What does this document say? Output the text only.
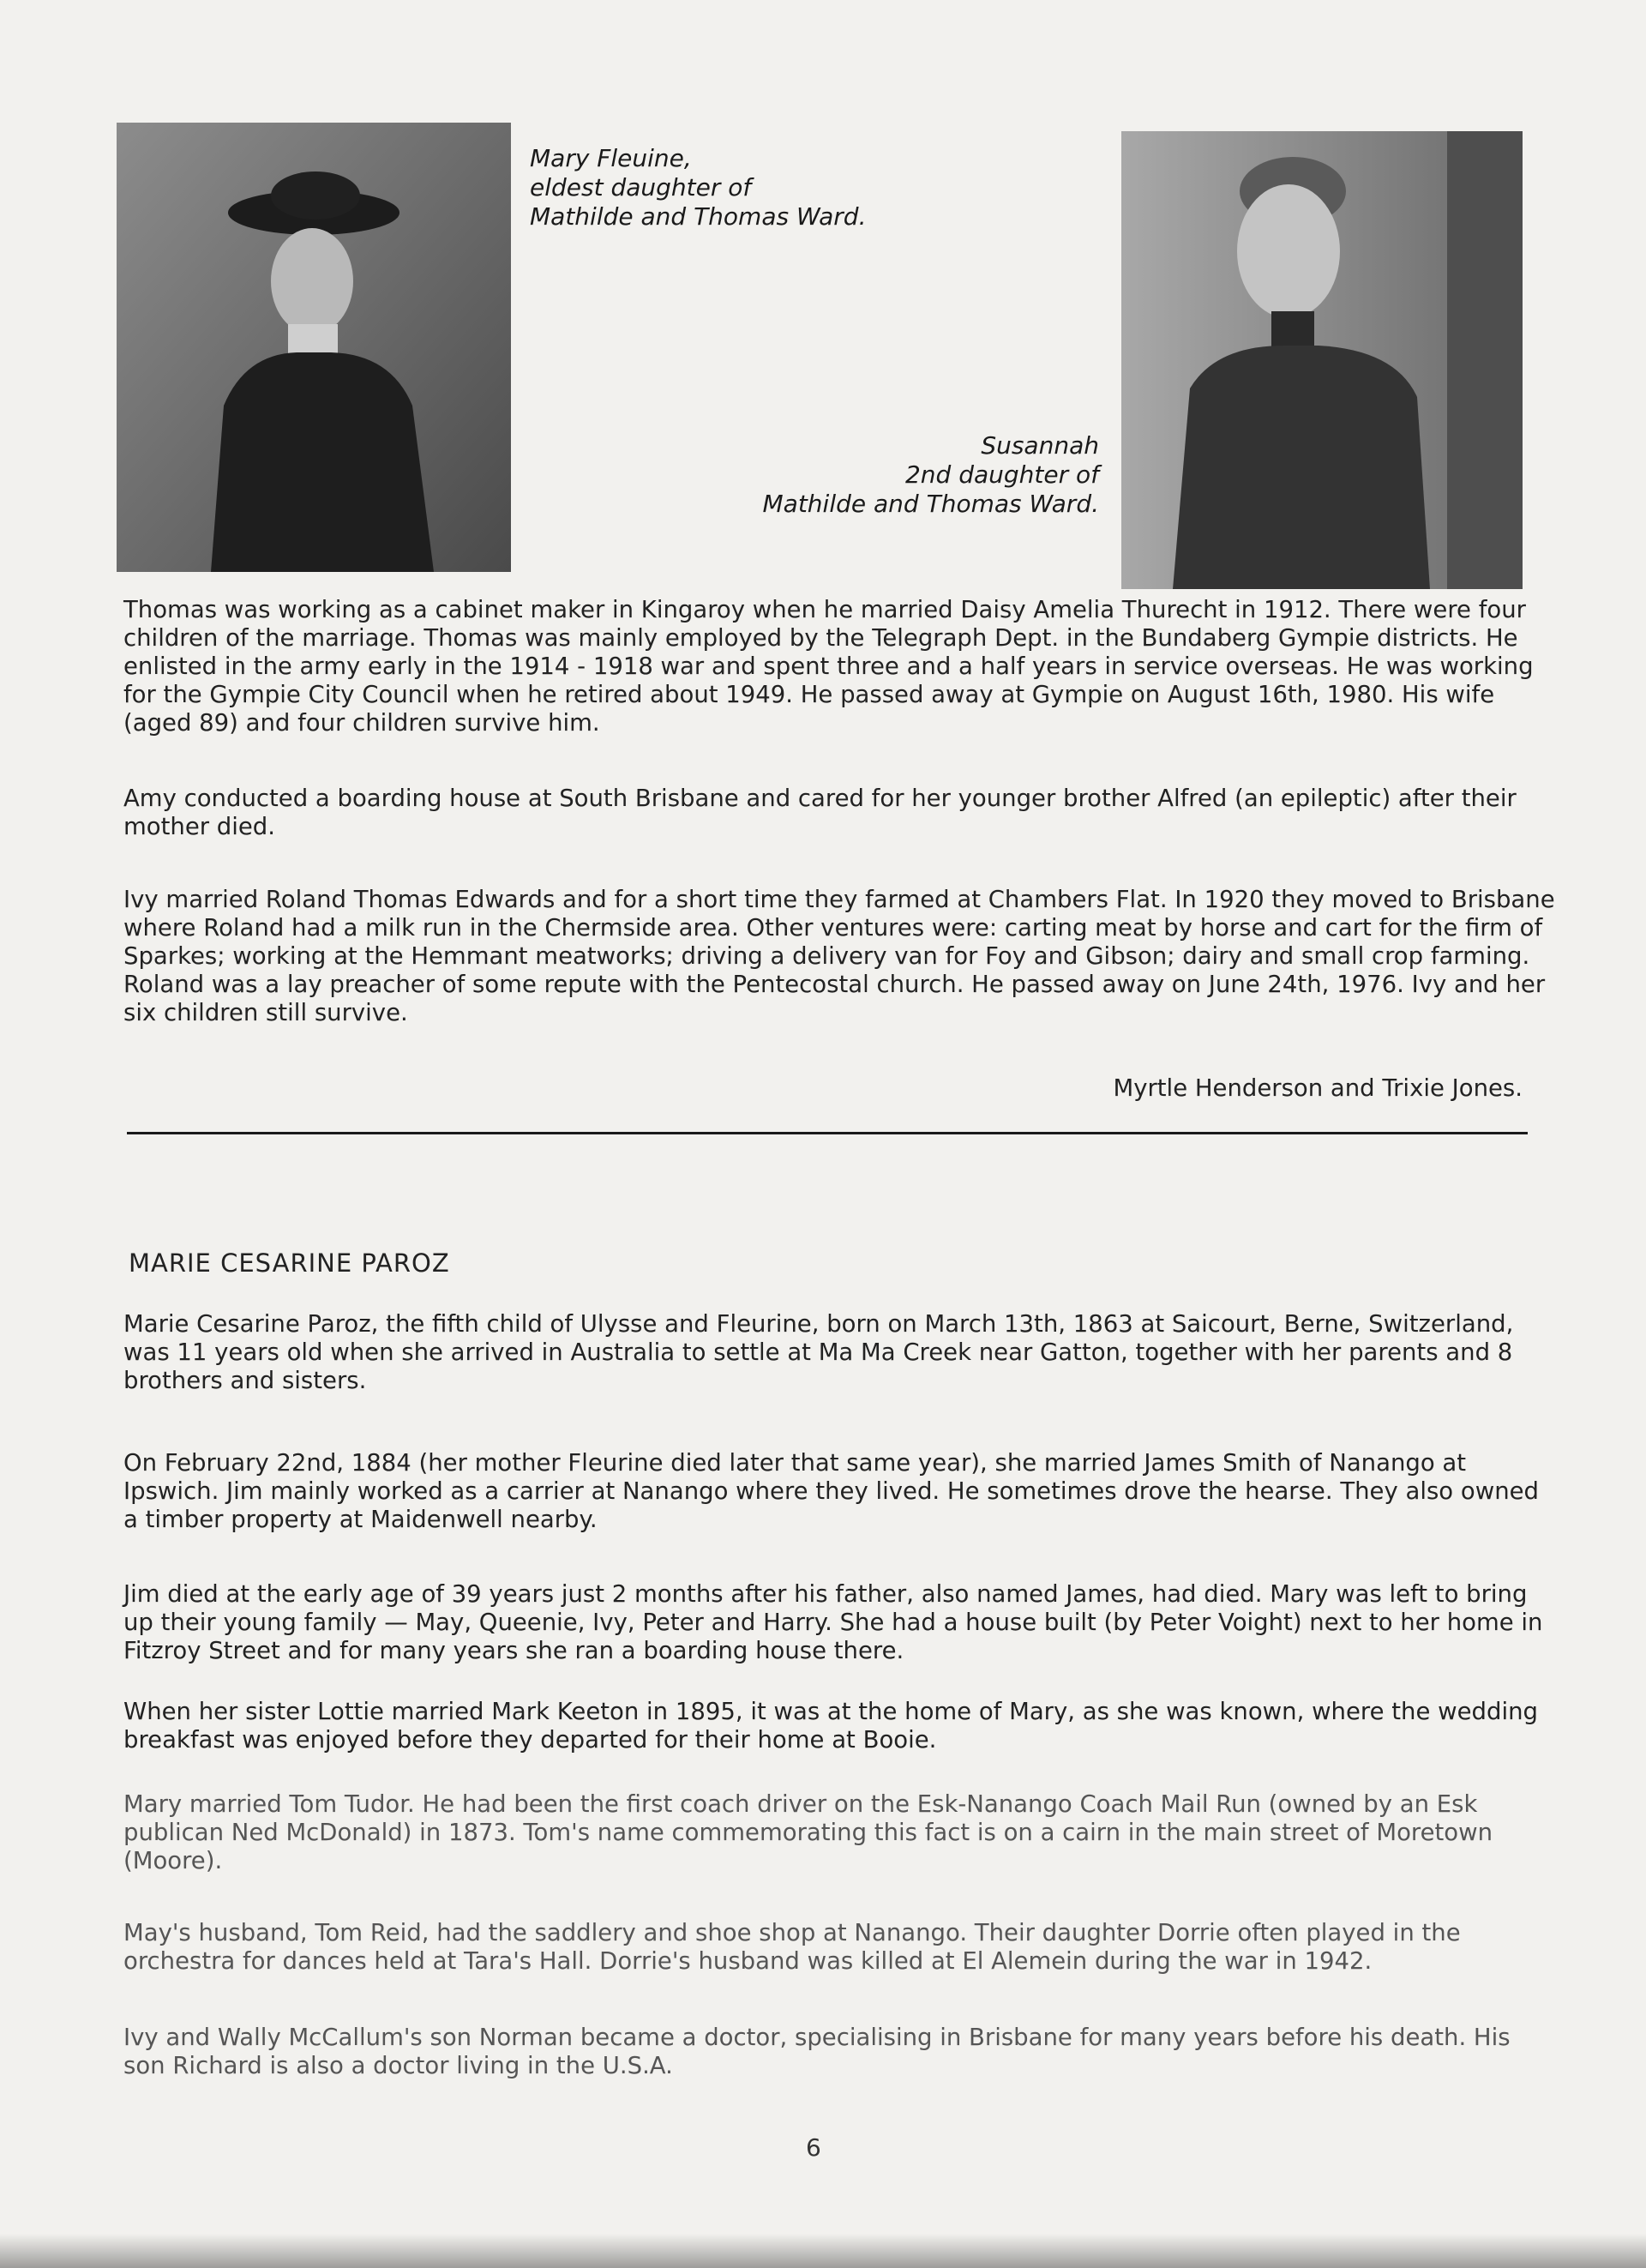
Mary Fleuine,
eldest daughter of
Mathilde and Thomas Ward.
Susannah
2nd daughter of
Mathilde and Thomas Ward.
Thomas was working as a cabinet maker in Kingaroy when he married Daisy Amelia Thurecht in 1912. There were four children of the marriage. Thomas was mainly employed by the Telegraph Dept. in the Bundaberg Gympie districts. He enlisted in the army early in the 1914 - 1918 war and spent three and a half years in service overseas. He was working for the Gympie City Council when he retired about 1949. He passed away at Gympie on August 16th, 1980. His wife (aged 89) and four children survive him.
Amy conducted a boarding house at South Brisbane and cared for her younger brother Alfred (an epileptic) after their mother died.
Ivy married Roland Thomas Edwards and for a short time they farmed at Chambers Flat. In 1920 they moved to Brisbane where Roland had a milk run in the Chermside area. Other ventures were: carting meat by horse and cart for the firm of Sparkes; working at the Hemmant meatworks; driving a delivery van for Foy and Gibson; dairy and small crop farming. Roland was a lay preacher of some repute with the Pentecostal church. He passed away on June 24th, 1976. Ivy and her six children still survive.
Myrtle Henderson and Trixie Jones.
MARIE CESARINE PAROZ
Marie Cesarine Paroz, the fifth child of Ulysse and Fleurine, born on March 13th, 1863 at Saicourt, Berne, Switzerland, was 11 years old when she arrived in Australia to settle at Ma Ma Creek near Gatton, together with her parents and 8 brothers and sisters.
On February 22nd, 1884 (her mother Fleurine died later that same year), she married James Smith of Nanango at Ipswich. Jim mainly worked as a carrier at Nanango where they lived. He sometimes drove the hearse. They also owned a timber property at Maidenwell nearby.
Jim died at the early age of 39 years just 2 months after his father, also named James, had died. Mary was left to bring up their young family — May, Queenie, Ivy, Peter and Harry. She had a house built (by Peter Voight) next to her home in Fitzroy Street and for many years she ran a boarding house there.
When her sister Lottie married Mark Keeton in 1895, it was at the home of Mary, as she was known, where the wedding breakfast was enjoyed before they departed for their home at Booie.
Mary married Tom Tudor. He had been the first coach driver on the Esk-Nanango Coach Mail Run (owned by an Esk publican Ned McDonald) in 1873. Tom's name commemorating this fact is on a cairn in the main street of Moretown (Moore).
May's husband, Tom Reid, had the saddlery and shoe shop at Nanango. Their daughter Dorrie often played in the orchestra for dances held at Tara's Hall. Dorrie's husband was killed at El Alemein during the war in 1942.
Ivy and Wally McCallum's son Norman became a doctor, specialising in Brisbane for many years before his death. His son Richard is also a doctor living in the U.S.A.
6
